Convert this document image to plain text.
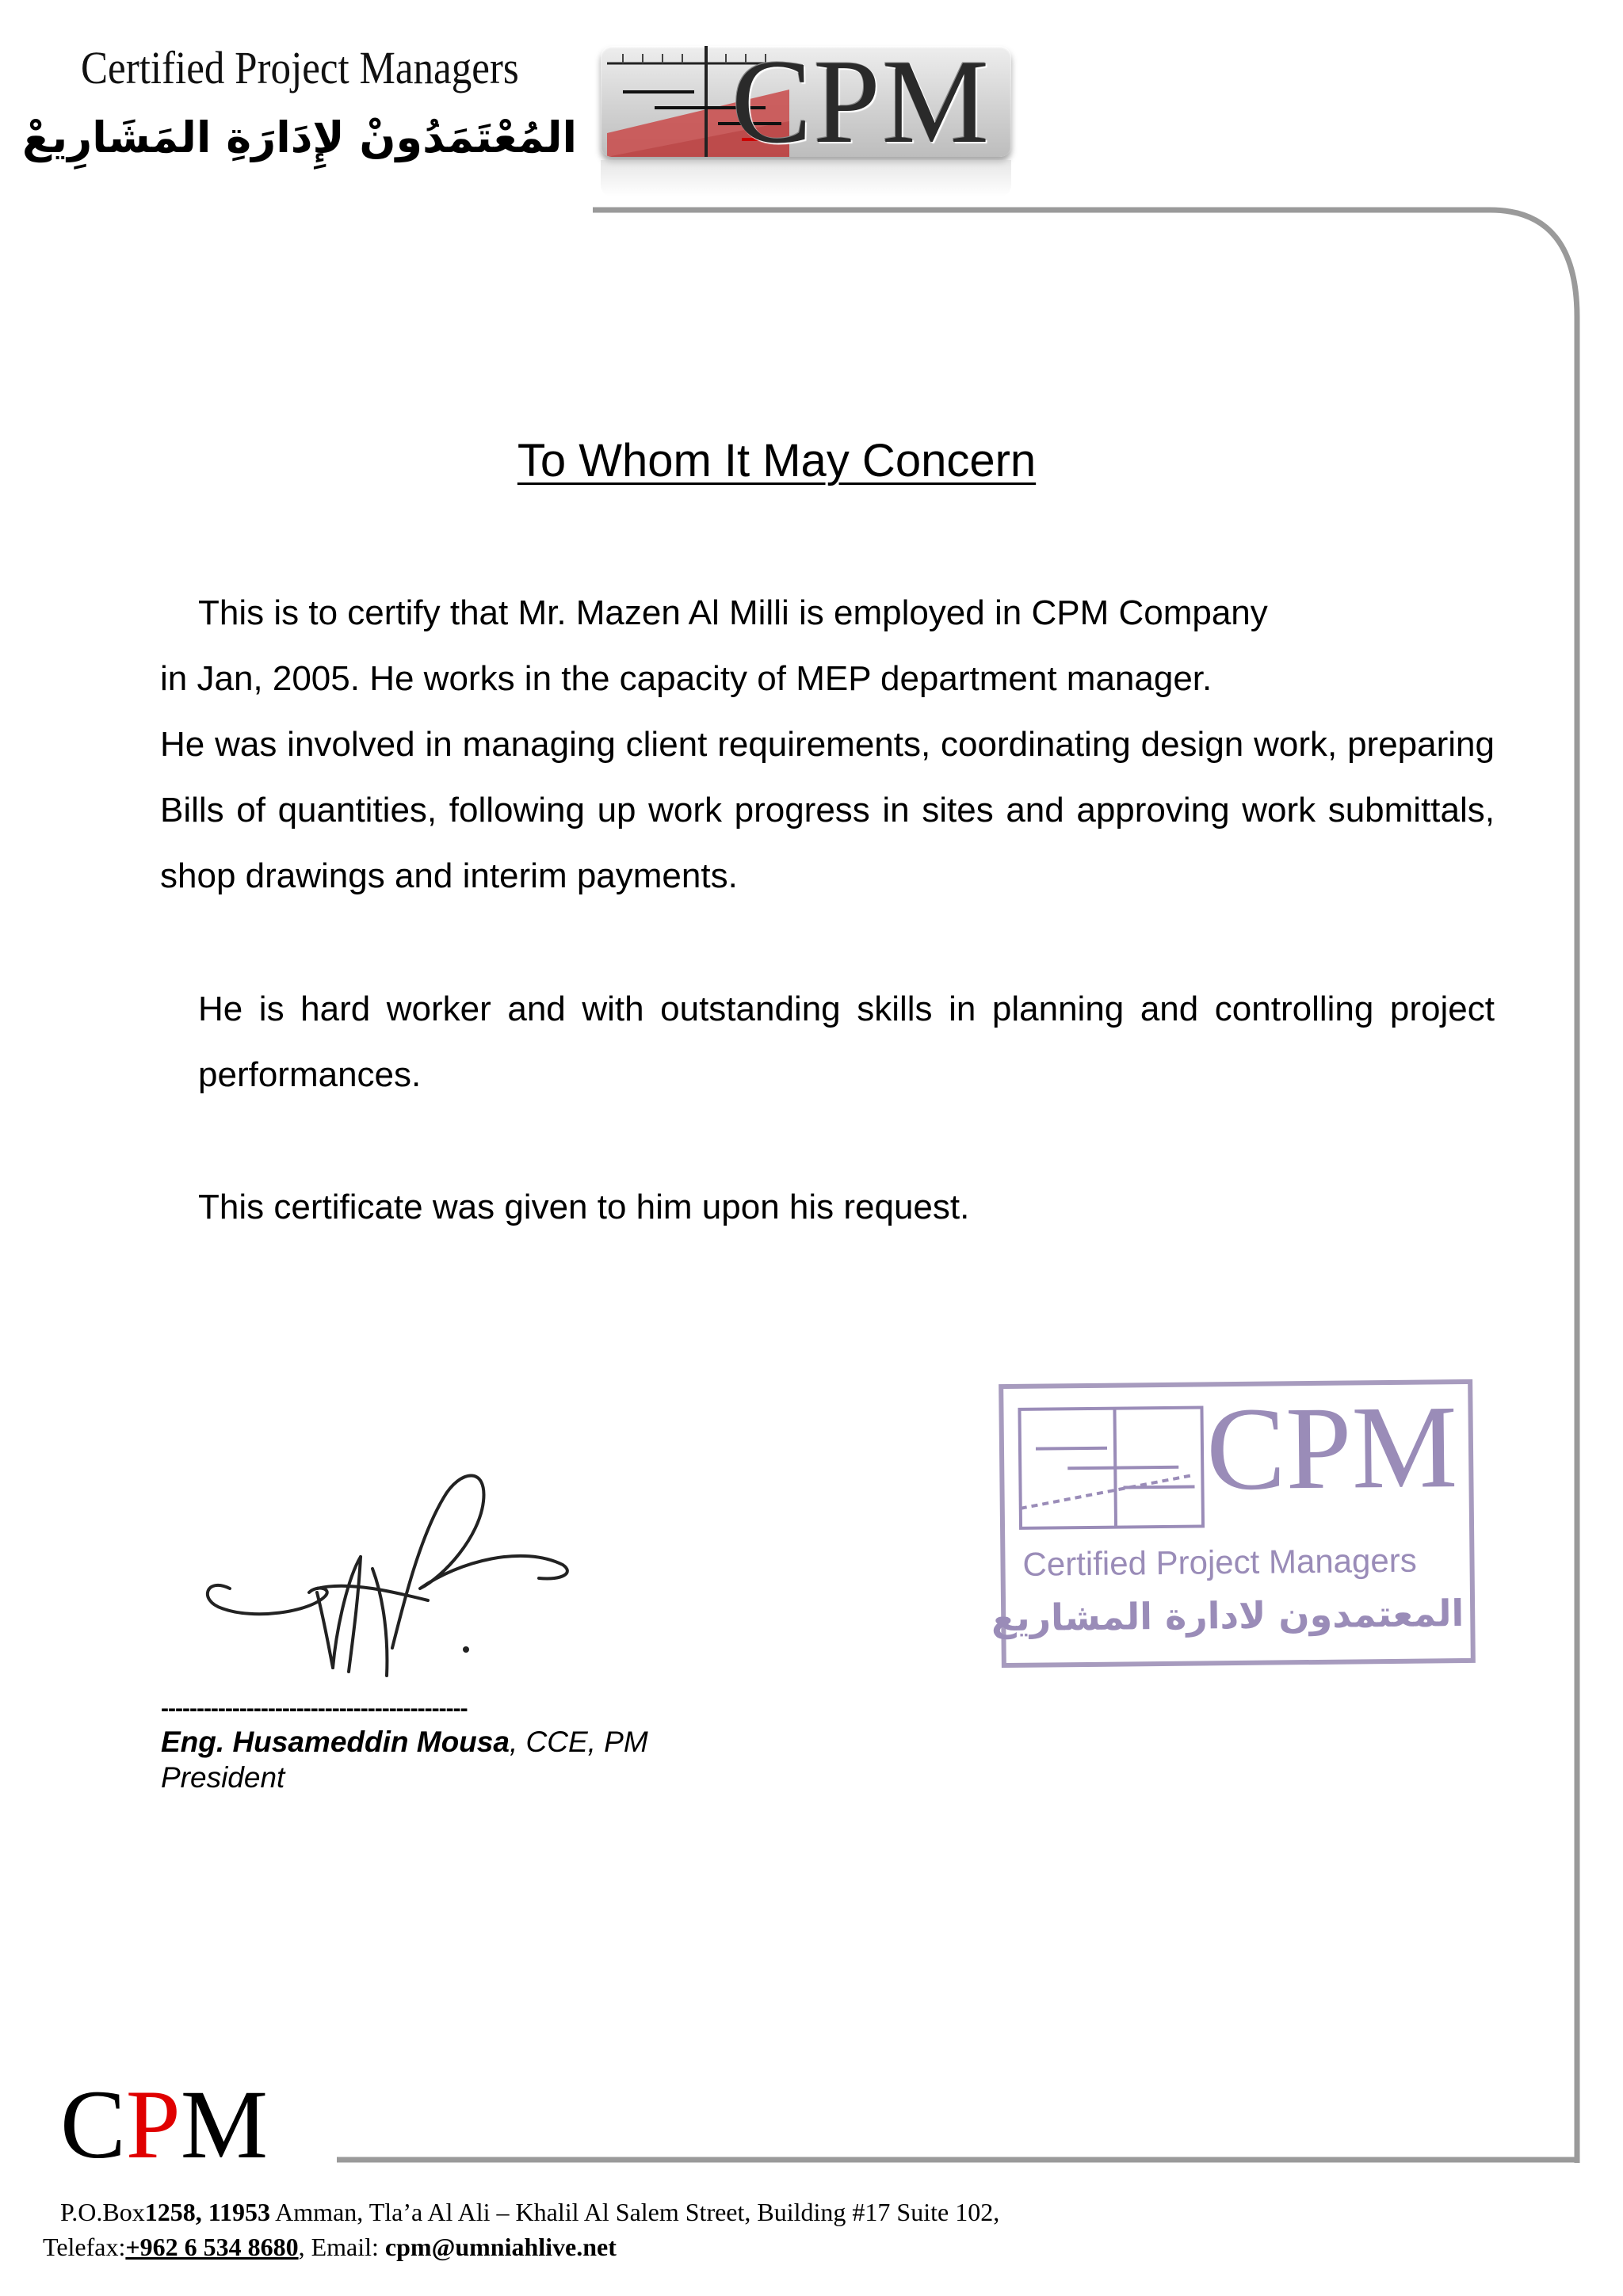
Certified Project Managers
المُعْتَمَدُونْ لإِدَارَةِ المَشَارِيعْ CPM
To Whom It May Concern
This is to certify that Mr. Mazen Al Milli is employed in CPM Company
in Jan, 2005. He works in the capacity of MEP department manager.
He was involved in managing client requirements, coordinating design work, preparing Bills of quantities, following up work progress in sites and approving work submittals, shop drawings and interim payments.
He is hard worker and with outstanding skills in planning and controlling project performances.
This certificate was given to him upon his request.
-------------------------------------------
Eng. Husameddin Mousa, CCE, PM
President
CPM
Certified Project Managers
المعتمدون لادارة المشاريع
CPM
P.O.Box1258, 11953 Amman, Tla’a Al Ali – Khalil Al Salem Street, Building #17 Suite 102,
Telefax:+962 6 534 8680, Email: cpm@umniahlive.net
